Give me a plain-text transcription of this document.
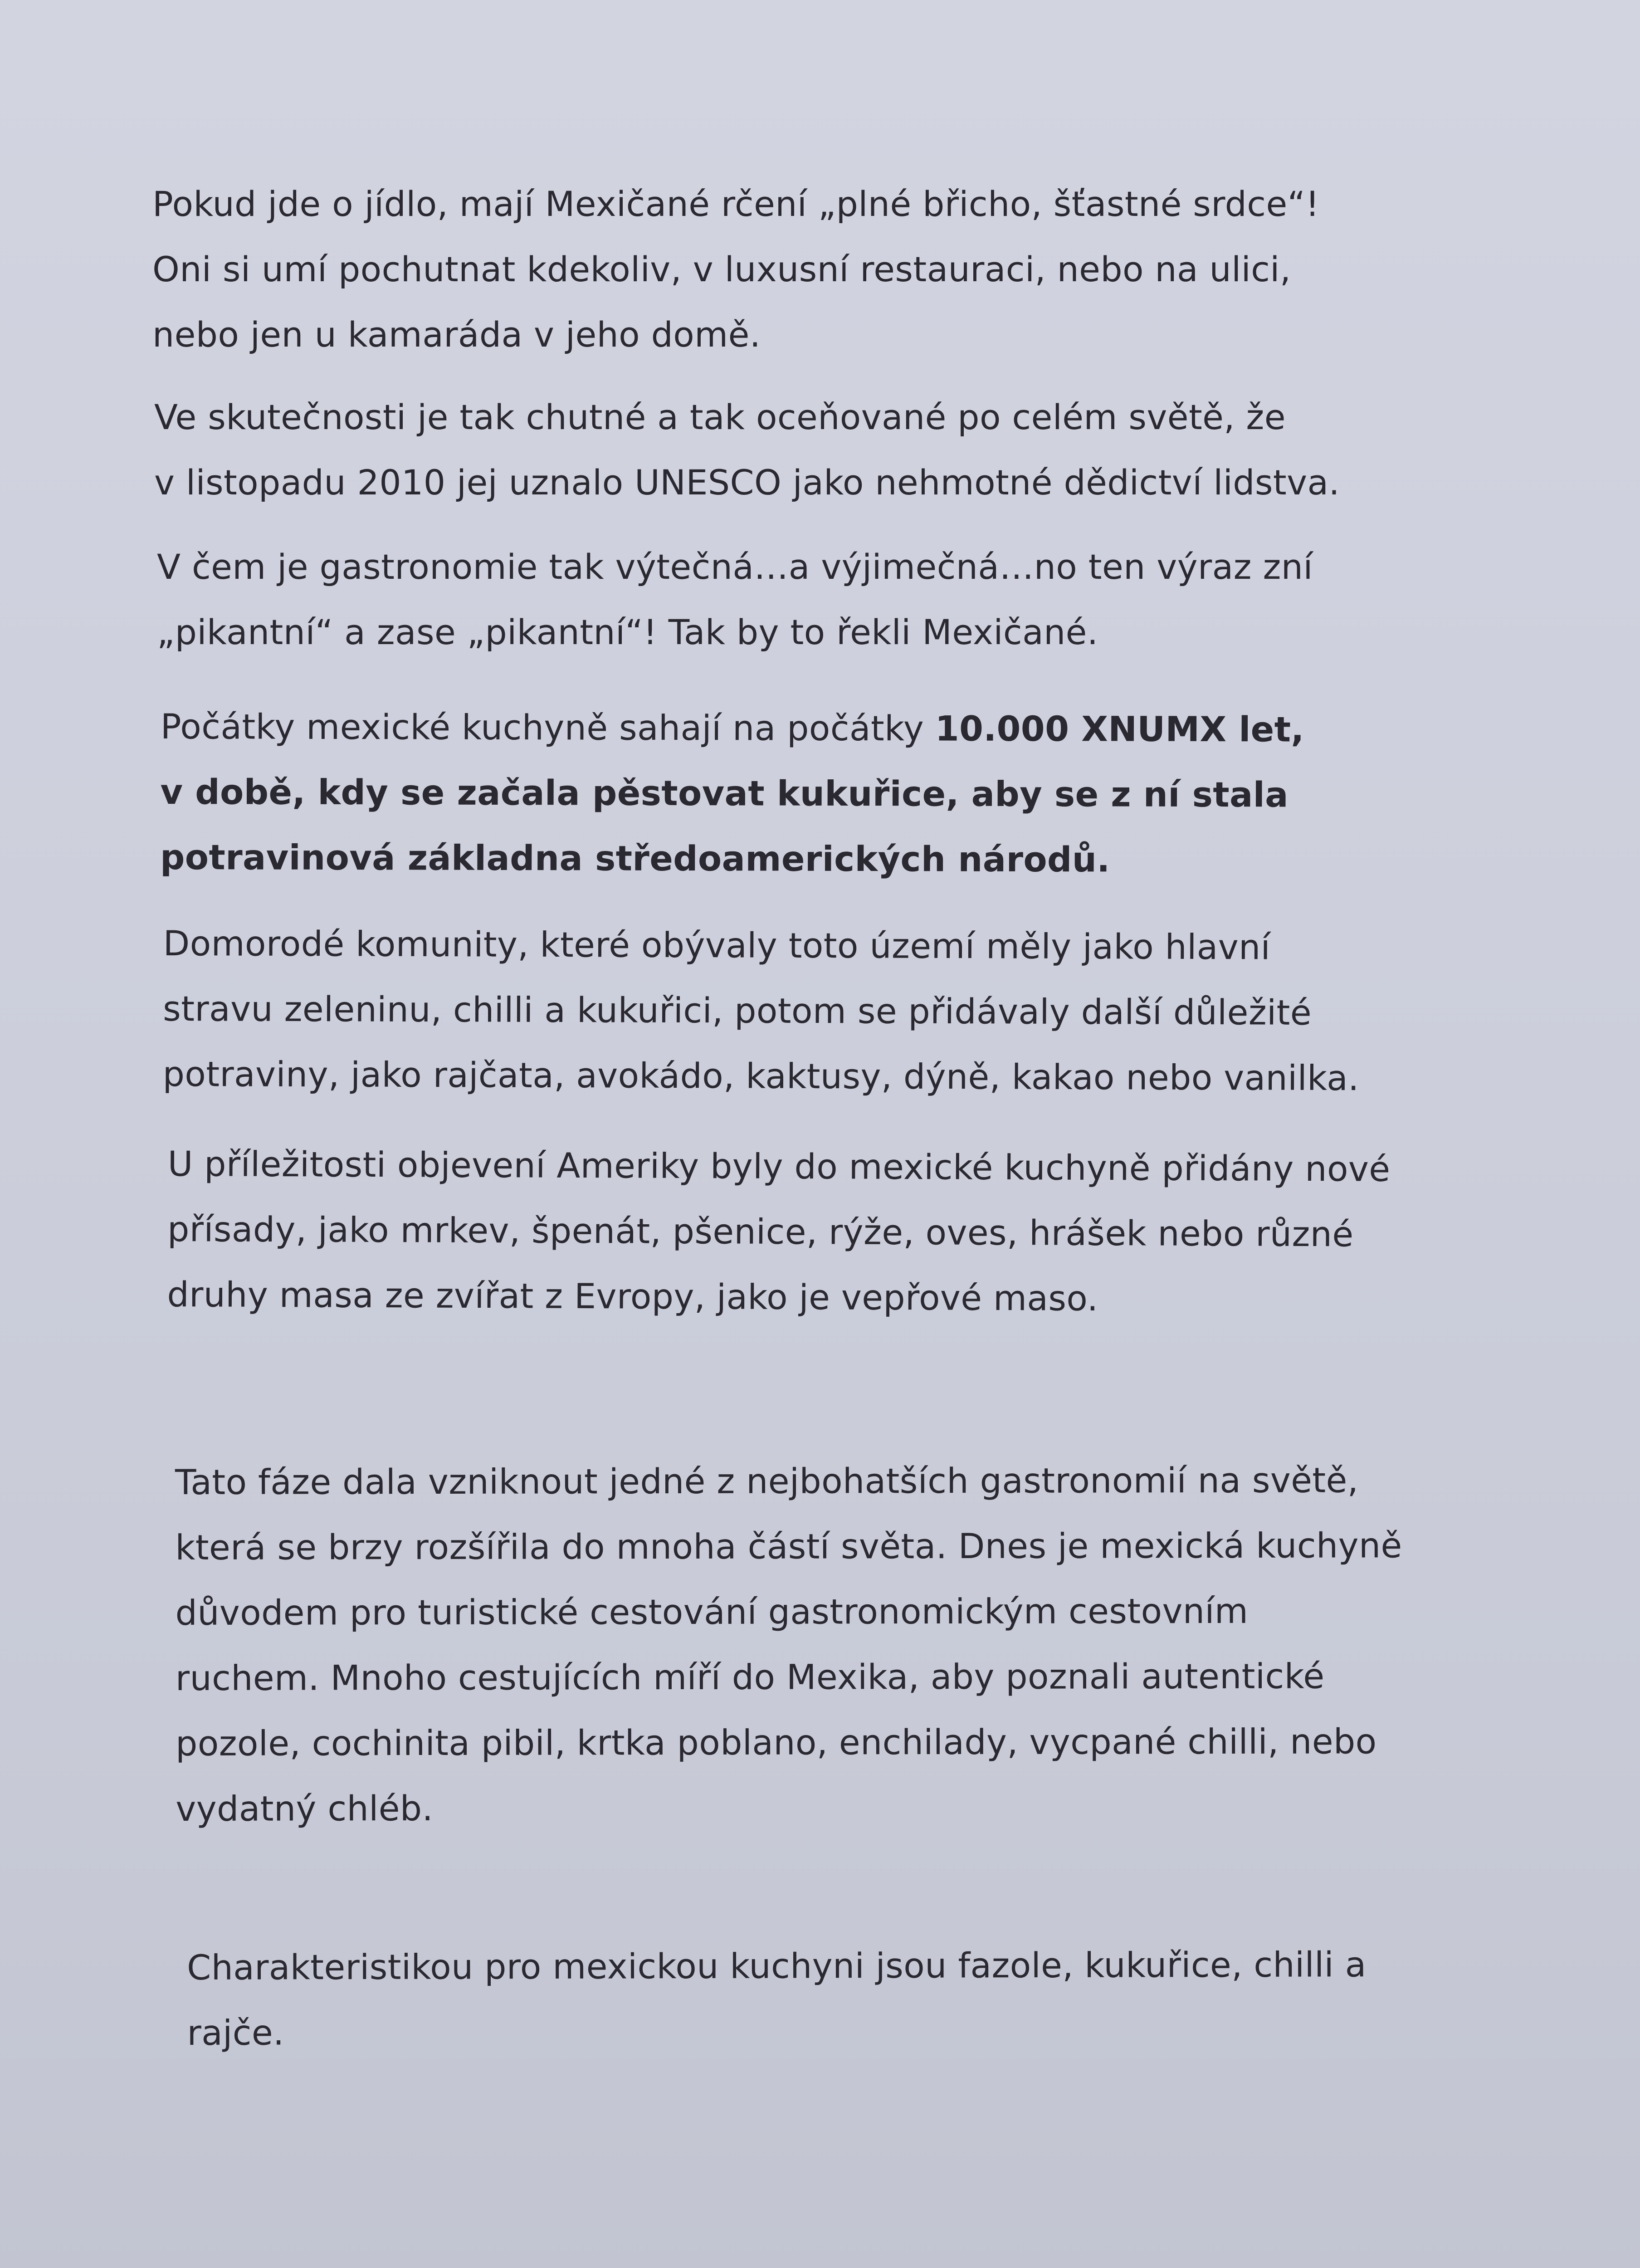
Pokud jde o jídlo, mají Mexičané rčení „plné břicho, šťastné srdce“!
Oni si umí pochutnat kdekoliv, v luxusní restauraci, nebo na ulici,
nebo jen u kamaráda v jeho domě.

Ve skutečnosti je tak chutné a tak oceňované po celém světě, že
v listopadu 2010 jej uznalo UNESCO jako nehmotné dědictví lidstva.

V čem je gastronomie tak výtečná…a výjimečná…no ten výraz zní
„pikantní“ a zase „pikantní“! Tak by to řekli Mexičané.

Počátky mexické kuchyně sahají na počátky 10.000 XNUMX let,
v době, kdy se začala pěstovat kukuřice, aby se z ní stala
potravinová základna středoamerických národů.

Domorodé komunity, které obývaly toto území měly jako hlavní
stravu zeleninu, chilli a kukuřici, potom se přidávaly další důležité
potraviny, jako rajčata, avokádo, kaktusy, dýně, kakao nebo vanilka.

U příležitosti objevení Ameriky byly do mexické kuchyně přidány nové
přísady, jako mrkev, špenát, pšenice, rýže, oves, hrášek nebo různé
druhy masa ze zvířat z Evropy, jako je vepřové maso.

Tato fáze dala vzniknout jedné z nejbohatších gastronomií na světě,
která se brzy rozšířila do mnoha částí světa. Dnes je mexická kuchyně
důvodem pro turistické cestování gastronomickým cestovním
ruchem. Mnoho cestujících míří do Mexika, aby poznali autentické
pozole, cochinita pibil, krtka poblano, enchilady, vycpané chilli, nebo
vydatný chléb.

Charakteristikou pro mexickou kuchyni jsou fazole, kukuřice, chilli a
rajče.
